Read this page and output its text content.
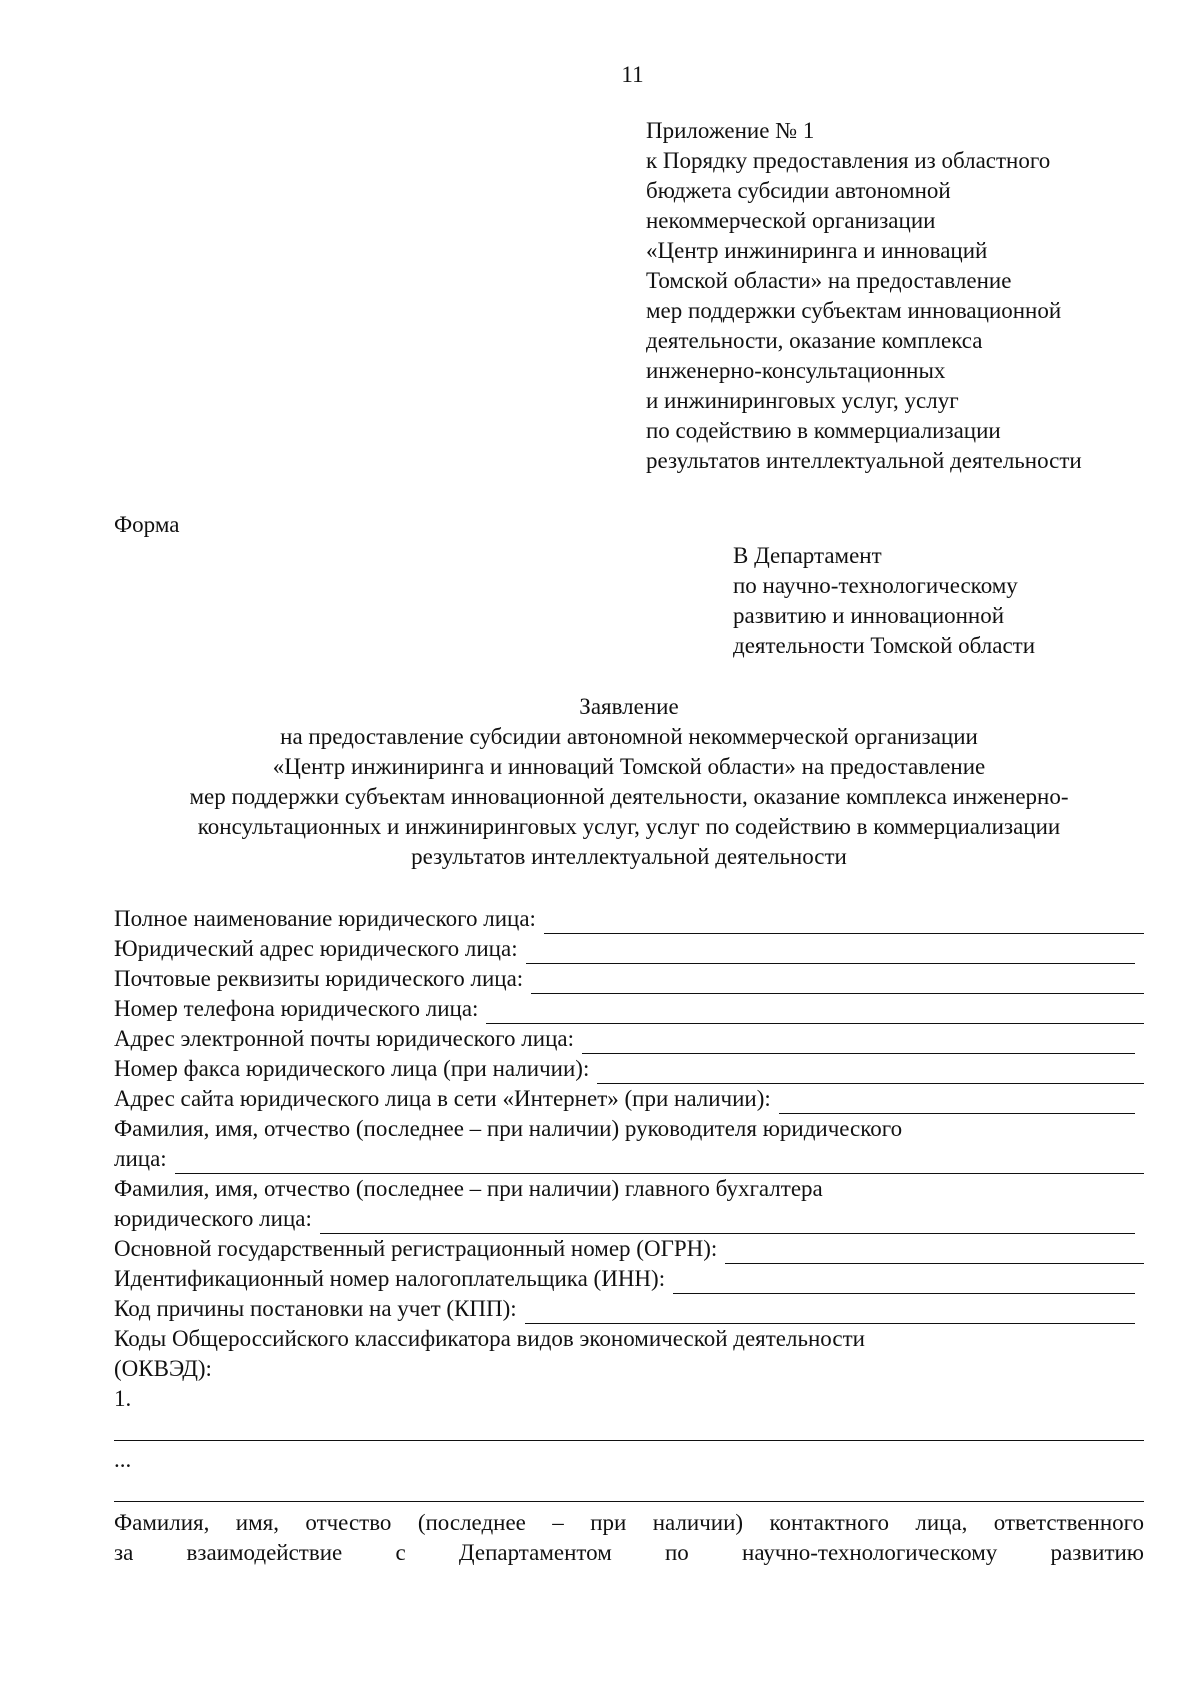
11
Приложение № 1
к Порядку предоставления из областного
бюджета субсидии автономной
некоммерческой организации
«Центр инжиниринга и инноваций
Томской области» на предоставление
мер поддержки субъектам инновационной
деятельности, оказание комплекса
инженерно-консультационных
и инжиниринговых услуг, услуг
по содействию в коммерциализации
результатов интеллектуальной деятельности
Форма
В Департамент
по научно-технологическому
развитию и инновационной
деятельности Томской области
Заявление
на предоставление субсидии автономной некоммерческой организации
«Центр инжиниринга и инноваций Томской области» на предоставление
мер поддержки субъектам инновационной деятельности, оказание комплекса инженерно-
консультационных и инжиниринговых услуг, услуг по содействию в коммерциализации
результатов интеллектуальной деятельности
Полное наименование юридического лица:
Юридический адрес юридического лица:
Почтовые реквизиты юридического лица:
Номер телефона юридического лица:
Адрес электронной почты юридического лица:
Номер факса юридического лица (при наличии):
Адрес сайта юридического лица в сети «Интернет» (при наличии):
Фамилия, имя, отчество (последнее – при наличии) руководителя юридического
лица:
Фамилия, имя, отчество (последнее – при наличии) главного бухгалтера
юридического лица:
Основной государственный регистрационный номер (ОГРН):
Идентификационный номер налогоплательщика (ИНН):
Код причины постановки на учет (КПП):
Коды Общероссийского классификатора видов экономической деятельности
(ОКВЭД):
1.
...
Фамилия, имя, отчество (последнее – при наличии) контактного лица, ответственного
за взаимодействие с Департаментом по научно-технологическому развитию
